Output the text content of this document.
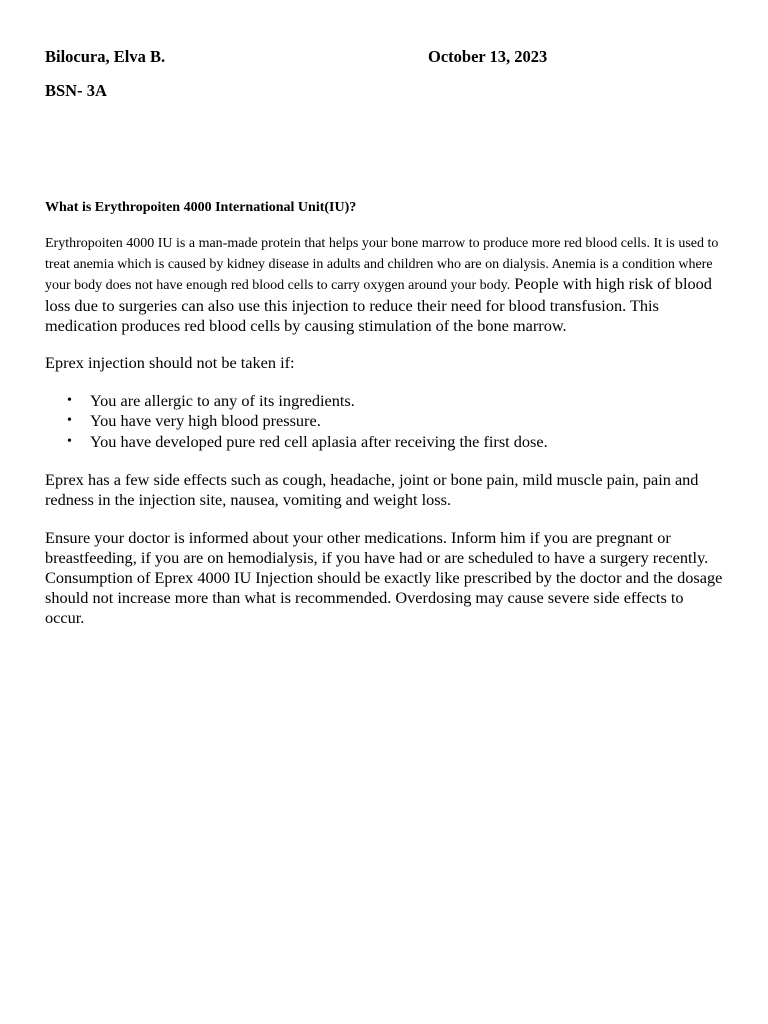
Bilocura, Elva B.	October 13, 2023
BSN- 3A

What is Erythropoiten 4000 International Unit(IU)?

Erythropoiten 4000 IU is a man-made protein that helps your bone marrow to produce more red blood cells. It is used to treat anemia which is caused by kidney disease in adults and children who are on dialysis. Anemia is a condition where your body does not have enough red blood cells to carry oxygen around your body. People with high risk of blood loss due to surgeries can also use this injection to reduce their need for blood transfusion. This medication produces red blood cells by causing stimulation of the bone marrow.

Eprex injection should not be taken if:

• You are allergic to any of its ingredients.
• You have very high blood pressure.
• You have developed pure red cell aplasia after receiving the first dose.

Eprex has a few side effects such as cough, headache, joint or bone pain, mild muscle pain, pain and redness in the injection site, nausea, vomiting and weight loss.

Ensure your doctor is informed about your other medications. Inform him if you are pregnant or breastfeeding, if you are on hemodialysis, if you have had or are scheduled to have a surgery recently. Consumption of Eprex 4000 IU Injection should be exactly like prescribed by the doctor and the dosage should not increase more than what is recommended. Overdosing may cause severe side effects to occur.
